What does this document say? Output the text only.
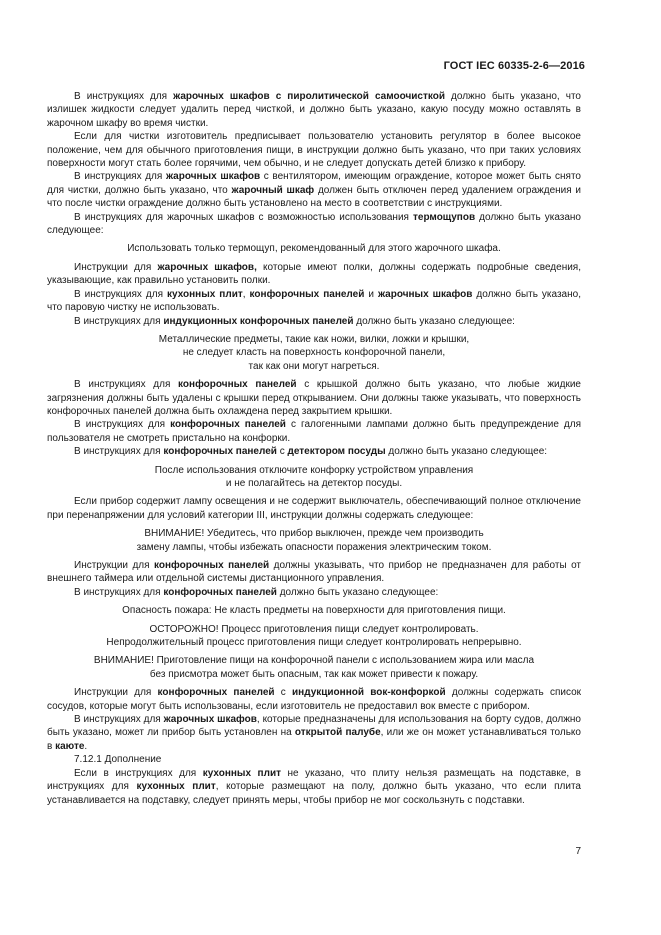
ГОСТ IEC 60335-2-6—2016

В инструкциях для жарочных шкафов с пиролитической самоочисткой должно быть указано, что излишек жидкости следует удалить перед чисткой, и должно быть указано, какую посуду можно оставлять в жарочном шкафу во время чистки.

Если для чистки изготовитель предписывает пользователю установить регулятор в более высокое положение, чем для обычного приготовления пищи, в инструкции должно быть указано, что при таких условиях поверхности могут стать более горячими, чем обычно, и не следует допускать детей близко к прибору.

В инструкциях для жарочных шкафов с вентилятором, имеющим ограждение, которое может быть снято для чистки, должно быть указано, что жарочный шкаф должен быть отключен перед удалением ограждения и что после чистки ограждение должно быть установлено на место в соответствии с инструкциями.

В инструкциях для жарочных шкафов с возможностью использования термощупов должно быть указано следующее:

Использовать только термощуп, рекомендованный для этого жарочного шкафа.

Инструкции для жарочных шкафов, которые имеют полки, должны содержать подробные сведения, указывающие, как правильно установить полки.

В инструкциях для кухонных плит, конфорочных панелей и жарочных шкафов должно быть указано, что паровую чистку не использовать.

В инструкциях для индукционных конфорочных панелей должно быть указано следующее:

Металлические предметы, такие как ножи, вилки, ложки и крышки,

не следует класть на поверхность конфорочной панели,

так как они могут нагреться.

В инструкциях для конфорочных панелей с крышкой должно быть указано, что любые жидкие загрязнения должны быть удалены с крышки перед открыванием. Они должны также указывать, что поверхность конфорочных панелей должна быть охлаждена перед закрытием крышки.

В инструкциях для конфорочных панелей с галогенными лампами должно быть предупреждение для пользователя не смотреть пристально на конфорки.

В инструкциях для конфорочных панелей с детектором посуды должно быть указано следующее:

После использования отключите конфорку устройством управления

и не полагайтесь на детектор посуды.

Если прибор содержит лампу освещения и не содержит выключатель, обеспечивающий полное отключение при перенапряжении для условий категории III, инструкции должны содержать следующее:

ВНИМАНИЕ! Убедитесь, что прибор выключен, прежде чем производить

замену лампы, чтобы избежать опасности поражения электрическим током.

Инструкции для конфорочных панелей должны указывать, что прибор не предназначен для работы от внешнего таймера или отдельной системы дистанционного управления.

В инструкциях для конфорочных панелей должно быть указано следующее:

Опасность пожара: Не класть предметы на поверхности для приготовления пищи.

ОСТОРОЖНО! Процесс приготовления пищи следует контролировать.

Непродолжительный процесс приготовления пищи следует контролировать непрерывно.

ВНИМАНИЕ! Приготовление пищи на конфорочной панели с использованием жира или масла

без присмотра может быть опасным, так как может привести к пожару.

Инструкции для конфорочных панелей с индукционной вок-конфоркой должны содержать список сосудов, которые могут быть использованы, если изготовитель не предоставил вок вместе с прибором.

В инструкциях для жарочных шкафов, которые предназначены для использования на борту судов, должно быть указано, может ли прибор быть установлен на открытой палубе, или же он может устанавливаться только в каюте.

7.12.1 Дополнение

Если в инструкциях для кухонных плит не указано, что плиту нельзя размещать на подставке, в инструкциях для кухонных плит, которые размещают на полу, должно быть указано, что если плита устанавливается на подставку, следует принять меры, чтобы прибор не мог соскользнуть с подставки.

7
